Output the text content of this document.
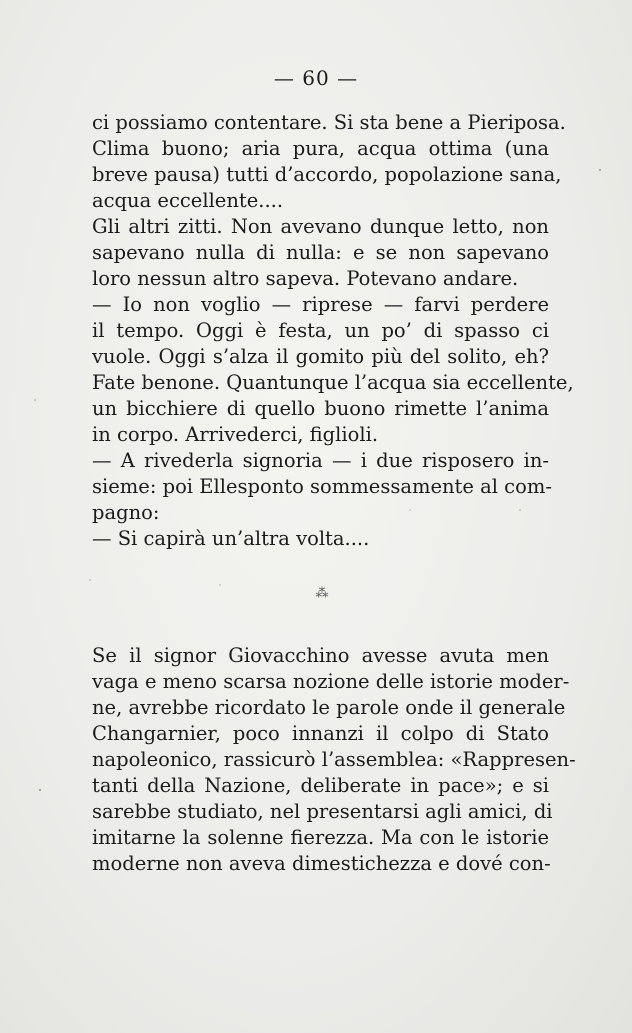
— 60 —

ci possiamo contentare. Si sta bene a Pieriposa.
Clima buono; aria pura, acqua ottima (una
breve pausa) tutti d’accordo, popolazione sana,
acqua eccellente....

Gli altri zitti. Non avevano dunque letto, non
sapevano nulla di nulla: e se non sapevano
loro nessun altro sapeva. Potevano andare.

— Io non voglio — riprese — farvi perdere
il tempo. Oggi è festa, un po’ di spasso ci
vuole. Oggi s’alza il gomito più del solito, eh?
Fate benone. Quantunque l’acqua sia eccellente,
un bicchiere di quello buono rimette l’anima
in corpo. Arrivederci, figlioli.

— A rivederla signoria — i due risposero in-
sieme: poi Ellesponto sommessamente al com-
pagno:

— Si capirà un’altra volta....

⁂

Se il signor Giovacchino avesse avuta men
vaga e meno scarsa nozione delle istorie moder-
ne, avrebbe ricordato le parole onde il generale
Changarnier, poco innanzi il colpo di Stato
napoleonico, rassicurò l’assemblea: «Rappresen-
tanti della Nazione, deliberate in pace»; e si
sarebbe studiato, nel presentarsi agli amici, di
imitarne la solenne fierezza. Ma con le istorie
moderne non aveva dimestichezza e dové con-
